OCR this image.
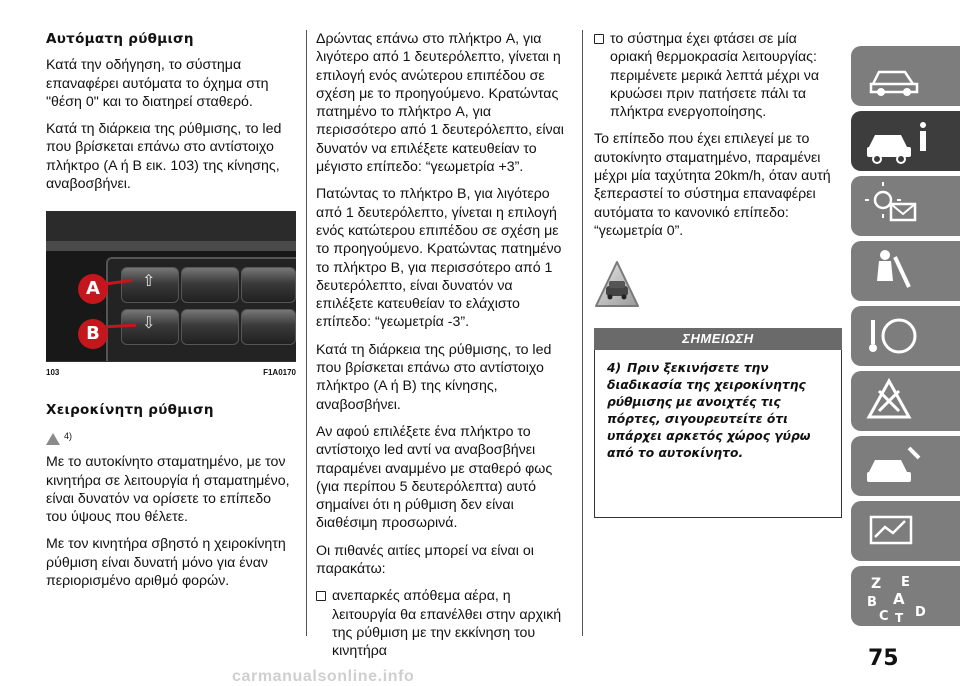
Αυτόματη ρύθμιση

Κατά την οδήγηση, το σύστημα επαναφέρει αυτόματα το όχημα στη "θέση 0" και το διατηρεί σταθερό.

Κατά τη διάρκεια της ρύθμισης, το led που βρίσκεται επάνω στο αντίστοιχο πλήκτρο (A ή B εικ. 103) της κίνησης, αναβοσβήνει.

⇧
⇩
A
B
103	F1A0170
Χειροκίνητη ρύθμιση
4)

Με το αυτοκίνητο σταματημένο, με τον κινητήρα σε λειτουργία ή σταματημένο, είναι δυνατόν να ορίσετε το επίπεδο του ύψους που θέλετε.

Με τον κινητήρα σβηστό η χειροκίνητη ρύθμιση είναι δυνατή μόνο για έναν περιορισμένο αριθμό φορών.

Δρώντας επάνω στο πλήκτρο A, για λιγότερο από 1 δευτερόλεπτο, γίνεται η επιλογή ενός ανώτερου επιπέδου σε σχέση με το προηγούμενο. Κρατώντας πατημένο το πλήκτρο A, για περισσότερο από 1 δευτερόλεπτο, είναι δυνατόν να επιλέξετε κατευθείαν το μέγιστο επίπεδο: “γεωμετρία +3”.

Πατώντας το πλήκτρο B, για λιγότερο από 1 δευτερόλεπτο, γίνεται η επιλογή ενός κατώτερου επιπέδου σε σχέση με το προηγούμενο. Κρατώντας πατημένο το πλήκτρο B, για περισσότερο από 1 δευτερόλεπτο, είναι δυνατόν να επιλέξετε κατευθείαν το ελάχιστο επίπεδο: “γεωμετρία -3”.

Κατά τη διάρκεια της ρύθμισης, το led που βρίσκεται επάνω στο αντίστοιχο πλήκτρο (A ή B) της κίνησης, αναβοσβήνει.

Αν αφού επιλέξετε ένα πλήκτρο το αντίστοιχο led αντί να αναβοσβήνει παραμένει αναμμένο με σταθερό φως (για περίπου 5 δευτερόλεπτα) αυτό σημαίνει ότι η ρύθμιση δεν είναι διαθέσιμη προσωρινά.

Οι πιθανές αιτίες μπορεί να είναι οι παρακάτω:

ανεπαρκές απόθεμα αέρα, η λειτουργία θα επανέλθει στην αρχική της ρύθμιση με την εκκίνηση του κινητήρα
το σύστημα έχει φτάσει σε μία οριακή θερμοκρασία λειτουργίας: περιμένετε μερικά λεπτά μέχρι να κρυώσει πριν πατήσετε πάλι τα πλήκτρα ενεργοποίησης.

Το επίπεδο που έχει επιλεγεί με το αυτοκίνητο σταματημένο, παραμένει μέχρι μία ταχύτητα 20km/h, όταν αυτή ξεπεραστεί το σύστημα επαναφέρει αυτόματα το κανονικό επίπεδο: “γεωμετρία 0”.

ΣΗΜΕΙΩΣΗ
4) Πριν ξεκινήσετε την διαδικασία της χειροκίνητης ρύθμισης με ανοιχτές τις πόρτες, σιγουρευτείτε ότι υπάρχει αρκετός χώρος γύρω από το αυτοκίνητο.
Z E
B A
C D
T
75
carmanualsonline.info
